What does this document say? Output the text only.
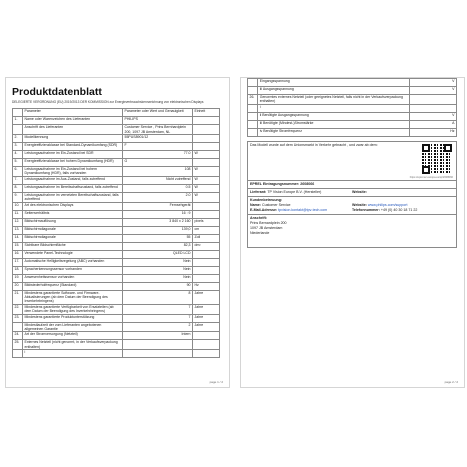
Produktdatenblatt
DELEGIERTE VERORDNUNG (EU) 2019/2013 DER KOMMISSION zur Energieverbrauchskennzeichnung von elektronischen Displays
	Parameter	Parameter oder Wert und Genauigkeit	Einheit
1.	Name oder Warenzeichen des Lieferanten	PHILIPS	
	Anschrift des Lieferanten	Customer Service , Prins Bernhardplein 200, 1097 JB Amsterdam, NL	
2.	Modellkennung	55PUS8901/12	
3.	Energieeffizienzklasse bei Standard-Dynamikumfang (SDR)	F	
4.	Leistungsaufnahme im Ein-Zustand bei SDR	77.0	W
5.	Energieeffizienzklasse bei hohem Dynamikumfang (HDR)	G	
6.	Leistungsaufnahme im Ein-Zustand bei hohem Dynamikumfang (HDR), falls vorhanden	108	W
7.	Leistungsaufnahme im Aus-Zustand, falls zutreffend	Nicht zutreffend	W
8.	Leistungsaufnahme im Bereitschaftszustand, falls zutreffend	0.5	W
9.	Leistungsaufnahme im vernetzten Bereitschaftszustand, falls zutreffend	2.0	W
10.	Art des elektronischen Displays	Fernsehgerät	
11.	Seitenverhältnis	16 : 9	
12.	Bildschirmauflösung	3 840 x 2 160	pixels
13.	Bildschirmdiagonale	139,0	cm
14.	Bildschirmdiagonale	55	Zoll
15.	Sichtbare Bildschirmfläche	82,3	dm²
16.	Verwendete Panel-Technologie	QLED LCD	
17.	Automatische Helligkeitsregelung (ABC) vorhanden	Nein	
18.	Spracherkennungssensor vorhanden	Nein	
19.	Anwesenheitssensor vorhanden	Nein	
20.	Bildwiederholfrequenz (Standard)	90	Hz
21.	Mindestens garantierte Software- und Firmware-Aktualisierungen (ab dem Datum der Beendigung des Inverkehrbringens)	8	Jahre
22.	Mindestens garantierte Verfügbarkeit von Ersatzteilen (ab dem Datum der Beendigung des Inverkehrbringens)	7	Jahre
23.	Mindestens garantierte Produktunterstützung	7	Jahre
	Mindestlaufzeit der vom Lieferanten angebotenen allgemeinen Garantie	2	Jahre
24.	Art der Stromversorgung (Netzteil)	Intern	
25.	Externes Netzteil (nicht genormt, in der Verkaufsverpackung enthalten)		
	i		
page 1 / 2
	Eingangsspannung	V
	iii Ausgangsspannung	V
26.	Genormtes externes Netzteil (oder geeignetes Netzteil, falls nicht in der Verkaufsverpackung enthalten)	
	i	
	ii Benötigte Ausgangsspannung	V
	iii Benötigte (Mindest-)Stromstärke	A
	iv Benötigte Stromfrequenz	Hz
Das Modell wurde auf dem Unionsmarkt in Verkehr gebracht , und zwar ab dem:
https://eprel.ec.europa.eu/qr/2608066
EPREL Eintragungsnummer: 2608066
Lieferant: TP Vision Europe B.V. (Hersteller)	Website:
Kundenbetreuung:
Name: Customer Service	Website: www.philips.com/support
E-Mail-Adresse: tpvision.kontakt@tpv-tech.com	Telefonnummer: +49 (0) 40 30 18 71 22
Anschrift:
Prins Bernardplein 200
1097 JB Amsterdam
Niederlande
page 2 / 2
